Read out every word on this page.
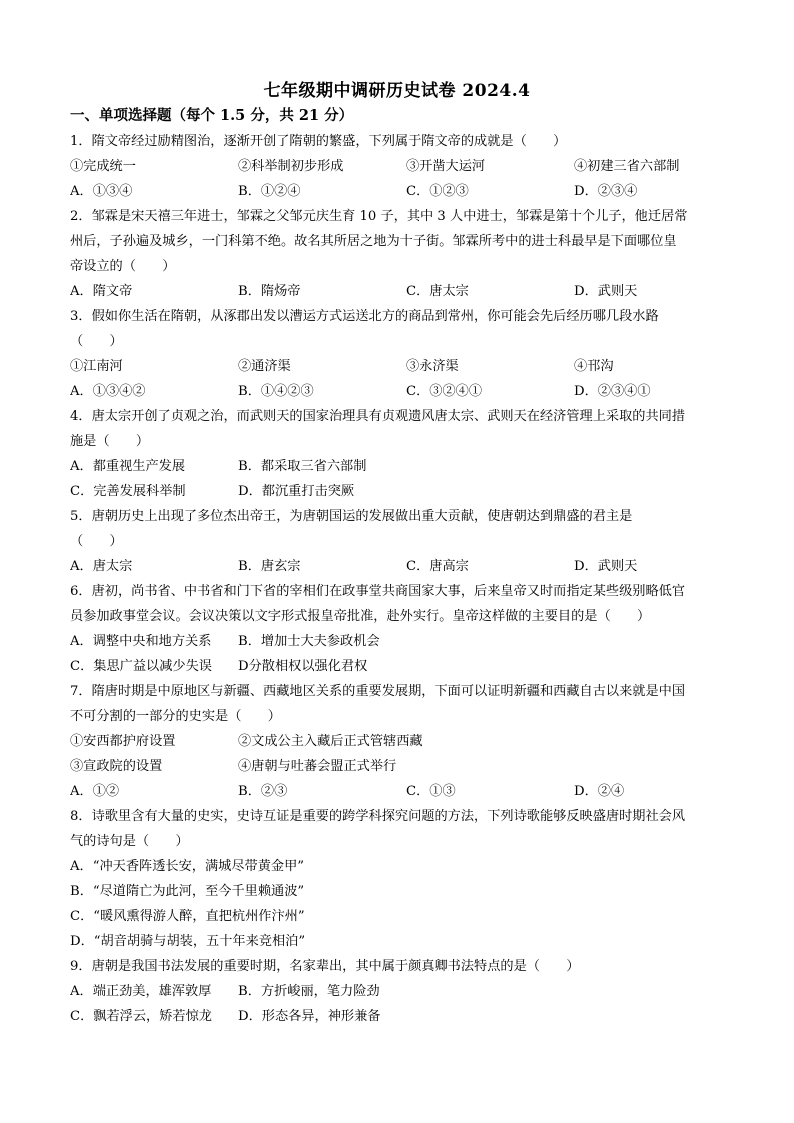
七年级期中调研历史试卷 2024.4
一、单项选择题（每个 1.5 分，共 21 分）
1．隋文帝经过励精图治，逐渐开创了隋朝的繁盛，下列属于隋文帝的成就是（　　）
①完成统一	②科举制初步形成	③开凿大运河	④初建三省六部制
A．①③④	B．①②④	C．①②③	D．②③④
2．邹霖是宋天禧三年进士，邹霖之父邹元庆生育 10 子，其中 3 人中进士，邹霖是第十个儿子，他迁居常
州后，子孙遍及城乡，一门科第不绝。故名其所居之地为十子街。邹霖所考中的进士科最早是下面哪位皇
帝设立的（　　）
A．隋文帝	B．隋炀帝	C．唐太宗	D．武则天
3．假如你生活在隋朝，从涿郡出发以漕运方式运送北方的商品到常州，你可能会先后经历哪几段水路
（　　）
①江南河	②通济渠	③永济渠	④邗沟
A．①③④②	B．①④②③	C．③②④①	D．②③④①
4．唐太宗开创了贞观之治，而武则天的国家治理具有贞观遗风唐太宗、武则天在经济管理上采取的共同措
施是（　　）
A．都重视生产发展	B．都采取三省六部制
C．完善发展科举制	D．都沉重打击突厥
5．唐朝历史上出现了多位杰出帝王，为唐朝国运的发展做出重大贡献，使唐朝达到鼎盛的君主是
（　　）
A．唐太宗	B．唐玄宗	C．唐高宗	D．武则天
6．唐初，尚书省、中书省和门下省的宰相们在政事堂共商国家大事，后来皇帝又时而指定某些级别略低官
员参加政事堂会议。会议决策以文字形式报皇帝批准，赴外实行。皇帝这样做的主要目的是（　　）
A．调整中央和地方关系	B．增加士大夫参政机会
C．集思广益以减少失误	D分散相权以强化君权
7．隋唐时期是中原地区与新疆、西藏地区关系的重要发展期，下面可以证明新疆和西藏自古以来就是中国
不可分割的一部分的史实是（　　）
①安西都护府设置	②文成公主入藏后正式管辖西藏
③宣政院的设置	④唐朝与吐蕃会盟正式举行
A．①②	B．②③	C．①③	D．②④
8．诗歌里含有大量的史实，史诗互证是重要的跨学科探究问题的方法，下列诗歌能够反映盛唐时期社会风
气的诗句是（　　）
A．“冲天香阵透长安，满城尽带黄金甲”
B．“尽道隋亡为此河，至今千里赖通波”
C．“暖风熏得游人醉，直把杭州作汴州”
D．“胡音胡骑与胡装，五十年来竞相泊”
9．唐朝是我国书法发展的重要时期，名家辈出，其中属于颜真卿书法特点的是（　　）
A．端正劲美，雄浑敦厚	B．方折峻丽，笔力险劲
C．飘若浮云，矫若惊龙	D．形态各异，神形兼备
